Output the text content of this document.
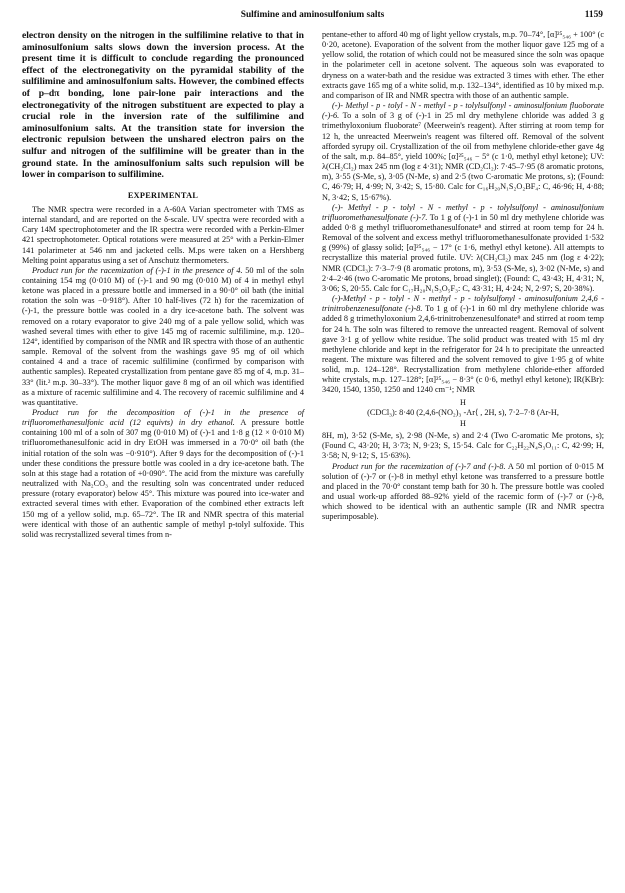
Sulfimine and aminosulfonium salts	1159

electron density on the nitrogen in the sulfilimine relative to that in aminosulfonium salts slows down the inversion process. At the present time it is difficult to conclude regarding the pronounced effect of the electronegativity on the pyramidal stability of the sulfilimine and aminosulfonium salts. However, the combined effects of p–dπ bonding, lone pair-lone pair interactions and the electronegativity of the nitrogen substituent are expected to play a crucial role in the inversion rate of the sulfilimine and aminosulfonium salts. At the transition state for inversion the electronic repulsion between the unshared electron pairs on the sulfur and nitrogen of the sulfilimine will be greater than in the ground state. In the aminosulfonium salts such repulsion will be lower in comparison to sulfilimine.

EXPERIMENTAL

The NMR spectra were recorded in a A-60A Varian spectrometer with TMS as internal standard, and are reported on the δ-scale. UV spectra were recorded with a Cary 14M spectrophotometer and the IR spectra were recorded with a Perkin-Elmer 421 spectrophotometer. Optical rotations were measured at 25° with a Perkin-Elmer 141 polarimeter at 546 nm and jacketed cells. M.ps were taken on a Hershberg Melting point apparatus using a set of Anschutz thermometers.

Product run for the racemization of (-)-1 in the presence of 4. 50 ml of the soln containing 154 mg (0·010 M) of (-)-1 and 90 mg (0·010 M) of 4 in methyl ethyl ketone was placed in a pressure bottle and immersed in a 90·0° oil bath (the initial rotation the soln was −0·918°). After 10 half-lives (72 h) for the racemization of (-)-1, the pressure bottle was cooled in a dry ice-acetone bath. The solvent was removed on a rotary evaporator to give 240 mg of a pale yellow solid, which was washed several times with ether to give 145 mg of racemic sulfilimine, m.p. 120–124°, identified by comparison of the NMR and IR spectra with those of an authentic sample. Removal of the solvent from the washings gave 95 mg of oil which contained 4 and a trace of racemic sulfilimine (confirmed by comparison with authentic samples). Repeated crystallization from pentane gave 85 mg of 4, m.p. 31–33° (lit.² m.p. 30–33°). The mother liquor gave 8 mg of an oil which was identified as a mixture of racemic sulfilimine and 4. The recovery of racemic sulfilimine and 4 was quantitative.

Product run for the decomposition of (-)-1 in the presence of trifluoromethanesulfonic acid (12 equivts) in dry ethanol. A pressure bottle containing 100 ml of a soln of 307 mg (0·010 M) of (-)-1 and 1·8 g (12 × 0·010 M) trifluoromethanesulfonic acid in dry EtOH was immersed in a 70·0° oil bath (the initial rotation of the soln was −0·910°). After 9 days for the decomposition of (-)-1 under these conditions the pressure bottle was cooled in a dry ice-acetone bath. The soln at this stage had a rotation of +0·090°. The acid from the mixture was carefully neutralized with Na₂CO₃ and the resulting soln was concentrated under reduced pressure (rotary evaporator) below 45°. This mixture was poured into ice-water and extracted several times with ether. Evaporation of the combined ether extracts left 150 mg of a yellow solid, m.p. 65–72°. The IR and NMR spectra of this material were identical with those of an authentic sample of methyl p-tolyl sulfoxide. This solid was recrystallized several times from n-

pentane-ether to afford 40 mg of light yellow crystals, m.p. 70–74°, [α]²⁵₅₄₆ + 100° (c 0·20, acetone). Evaporation of the solvent from the mother liquor gave 125 mg of a yellow solid, the rotation of which could not be measured since the soln was opaque in the polarimeter cell in acetone solvent. The aqueous soln was evaporated to dryness on a water-bath and the residue was extracted 3 times with ether. The ether extracts gave 165 mg of a white solid, m.p. 132–134°, identified as 10 by mixed m.p. and comparison of IR and NMR spectra with those of an authentic sample.

(-)- Methyl - p - tolyl - N - methyl - p - tolylsulfonyl - aminosulfonium fluoborate (-)-6. To a soln of 3 g of (-)-1 in 25 ml dry methylene chloride was added 3 g trimethyloxonium fluoborate⁷ (Meerwein's reagent). After stirring at room temp for 12 h, the unreacted Meerwein's reagent was filtered off. Removal of the solvent afforded syrupy oil. Crystallization of the oil from methylene chloride-ether gave 4g of the salt, m.p. 84–85°, yield 100%; [α]²⁵₅₄₆ − 5° (c 1·0, methyl ethyl ketone); UV: λ(CH₂Cl₂) max 245 nm (log ε 4·31); NMR (CD₂Cl₂): 7·45–7·95 (8 aromatic protons, m), 3·55 (S-Me, s), 3·05 (N-Me, s) and 2·5 (two C-aromatic Me protons, s); (Found: C, 46·79; H, 4·99; N, 3·42; S, 15·80. Calc for C₁₆H₂₀N₁S₂O₂BF₄: C, 46·96; H, 4·88; N, 3·42; S, 15·67%).

(-)- Methyl - p - tolyl - N - methyl - p - tolylsulfonyl - aminosulfonium trifluoromethanesulfonate (-)-7. To 1 g of (-)-1 in 50 ml dry methylene chloride was added 0·8 g methyl trifluoromethanesulfonate⁸ and stirred at room temp for 24 h. Removal of the solvent and excess methyl trifluoromethanesulfonate provided 1·532 g (99%) of glassy solid; [α]²⁵₅₄₆ − 17° (c 1·6, methyl ethyl ketone). All attempts to recrystallize this material proved futile. UV: λ(CH₂Cl₂) max 245 nm (log ε 4·22); NMR (CDCl₃): 7·3–7·9 (8 aromatic protons, m), 3·53 (S-Me, s), 3·02 (N-Me, s) and 2·4–2·46 (two C-aromatic Me protons, broad singlet); (Found: C, 43·43; H, 4·31; N, 3·06; S, 20·55. Calc for C₁₇H₂₀N₁S₃O₅F₃: C, 43·31; H, 4·24; N, 2·97; S, 20·38%).

(-)-Methyl - p - tolyl - N - methyl - p - tolylsulfonyl - aminosulfonium 2,4,6 - trinitrobenzenesulfonate (-)-8. To 1 g of (-)-1 in 60 ml dry methylene chloride was added 8 g trimethyloxonium 2,4,6-trinitrobenzenesulfonate⁹ and stirred at room temp for 24 h. The soln was filtered to remove the unreacted reagent. Removal of solvent gave 3·1 g of yellow white residue. The solid product was treated with 15 ml dry methylene chloride and kept in the refrigerator for 24 h to precipitate the unreacted reagent. The mixture was filtered and the solvent removed to give 1·95 g of white solid, m.p. 124–128°. Recrystallization from methylene chloride-ether afforded white crystals, m.p. 127–128°; [α]²⁵₅₄₆ − 8·3° (c 0·6, methyl ethyl ketone); IR(KBr): 3420, 1540, 1350, 1250 and 1240 cm⁻¹; NMR

H
(CDCl₃): 8·40 (2,4,6-(NO₂)₃ -Ar⟨ , 2H, s), 7·2–7·8 (Ar-H,
H

8H, m), 3·52 (S-Me, s), 2·98 (N-Me, s) and 2·4 (Two C-aromatic Me protons, s); (Found C, 43·20; H, 3·73; N, 9·23; S, 15·54. Calc for C₂₂H₂₂N₄S₃O₁₁: C, 42·99; H, 3·58; N, 9·12; S, 15·63%).

Product run for the racemization of (-)-7 and (-)-8. A 50 ml portion of 0·015 M solution of (-)-7 or (-)-8 in methyl ethyl ketone was transferred to a pressure bottle and placed in the 70·0° constant temp bath for 30 h. The pressure bottle was cooled and usual work-up afforded 88–92% yield of the racemic form of (-)-7 or (-)-8, which showed to be identical with an authentic sample (IR and NMR spectra superimposable).
